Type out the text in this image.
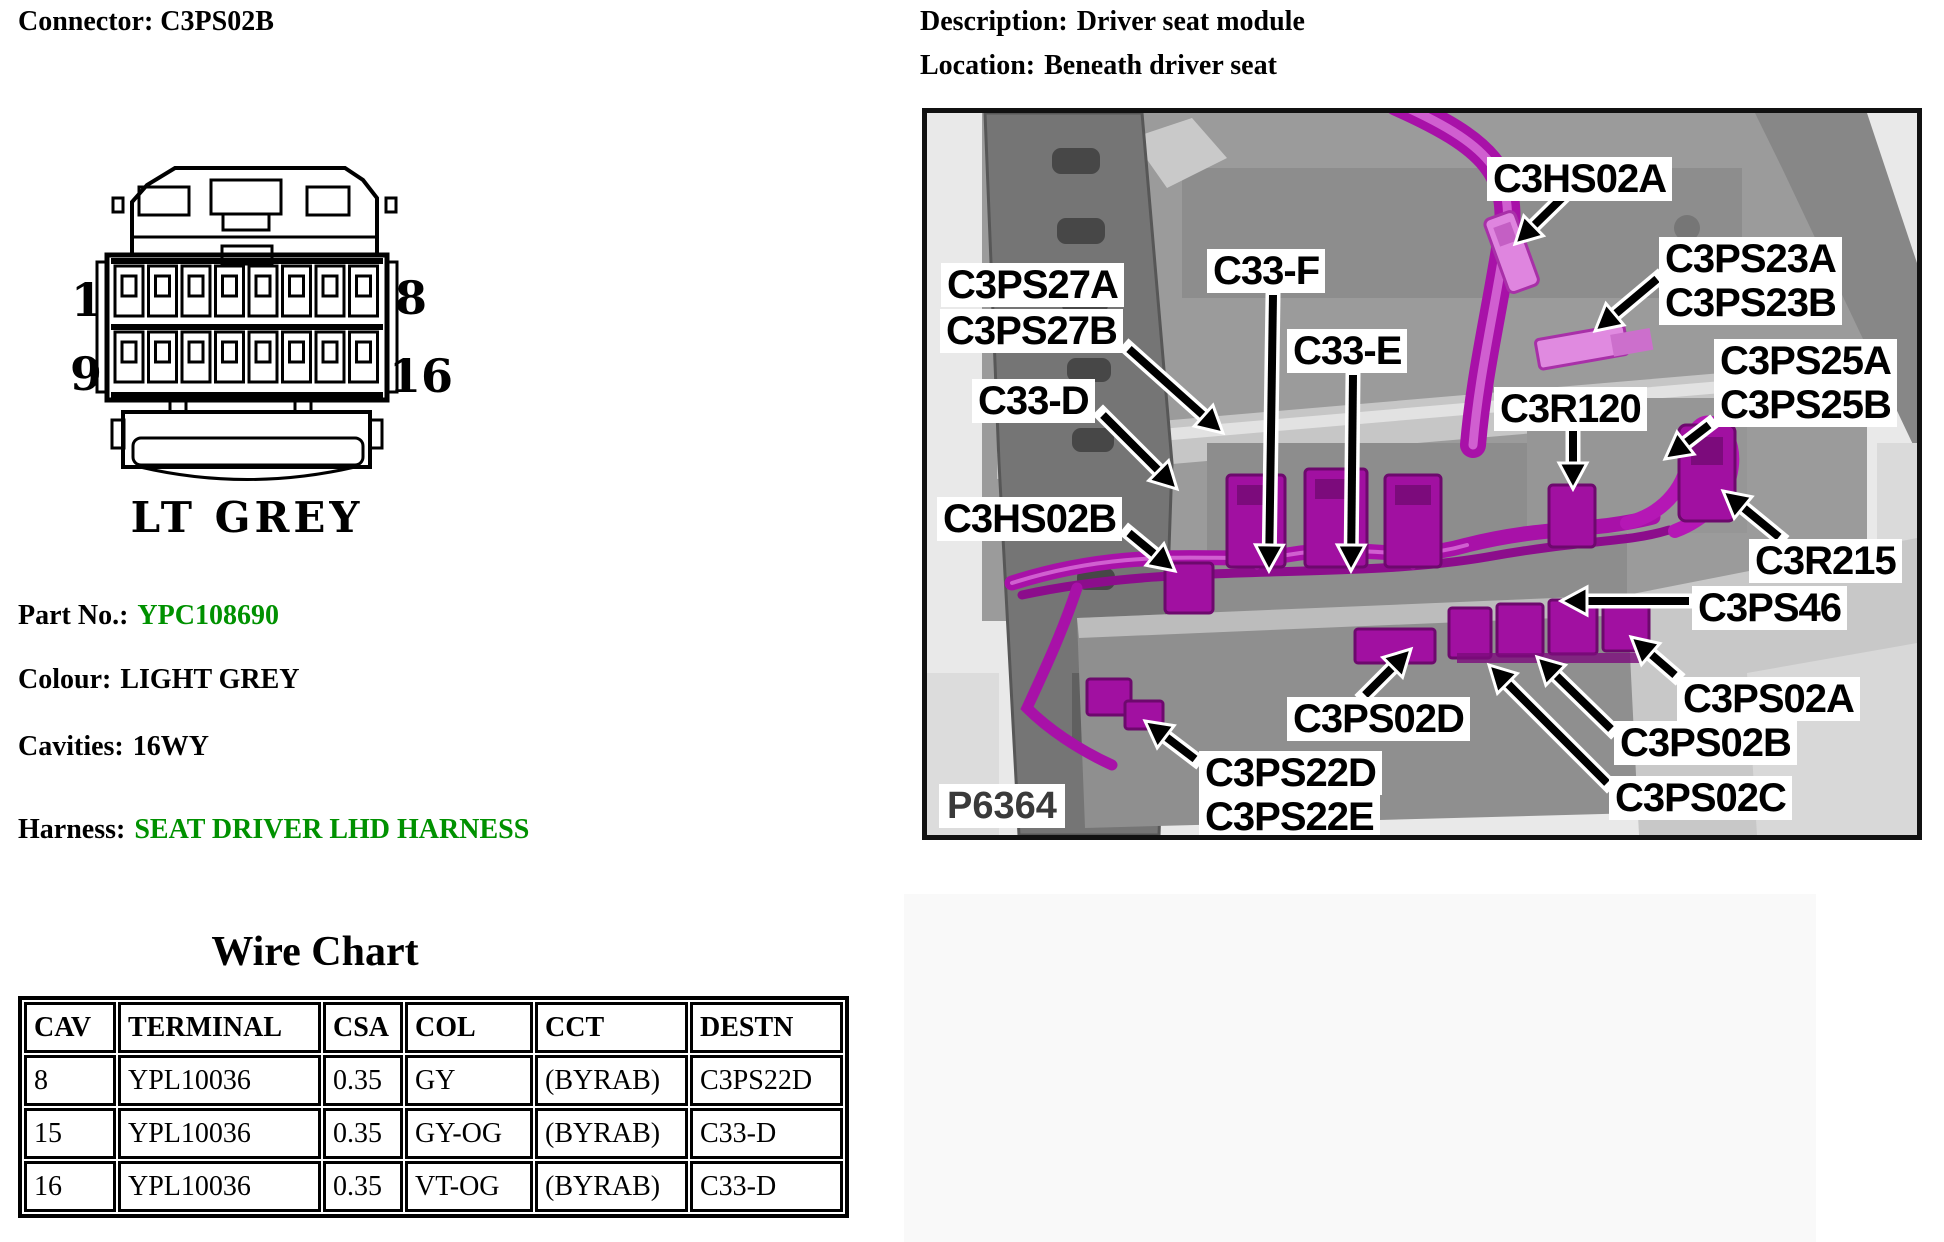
Connector: C3PS02B
1	8
9	16
LT GREY
Part No.: YPC108690
Colour: LIGHT GREY
Cavities: 16WY
Harness: SEAT DRIVER LHD HARNESS
Wire Chart
CAV	TERMINAL	CSA	COL	CCT	DESTN
8	YPL10036	0.35	GY	(BYRAB)	C3PS22D
15	YPL10036	0.35	GY-OG	(BYRAB)	C33-D
16	YPL10036	0.35	VT-OG	(BYRAB)	C33-D
Description: Driver seat module
Location: Beneath driver seat
C3PS27A
C3PS27B
C33-D
C33-F
C33-E
C3HS02A
C3PS23A
C3PS23B
C3PS25A
C3PS25B
C3R120
C3HS02B
C3R215
C3PS46
C3PS02A
C3PS02B
C3PS02C
C3PS02D
C3PS22D
C3PS22E
P6364
